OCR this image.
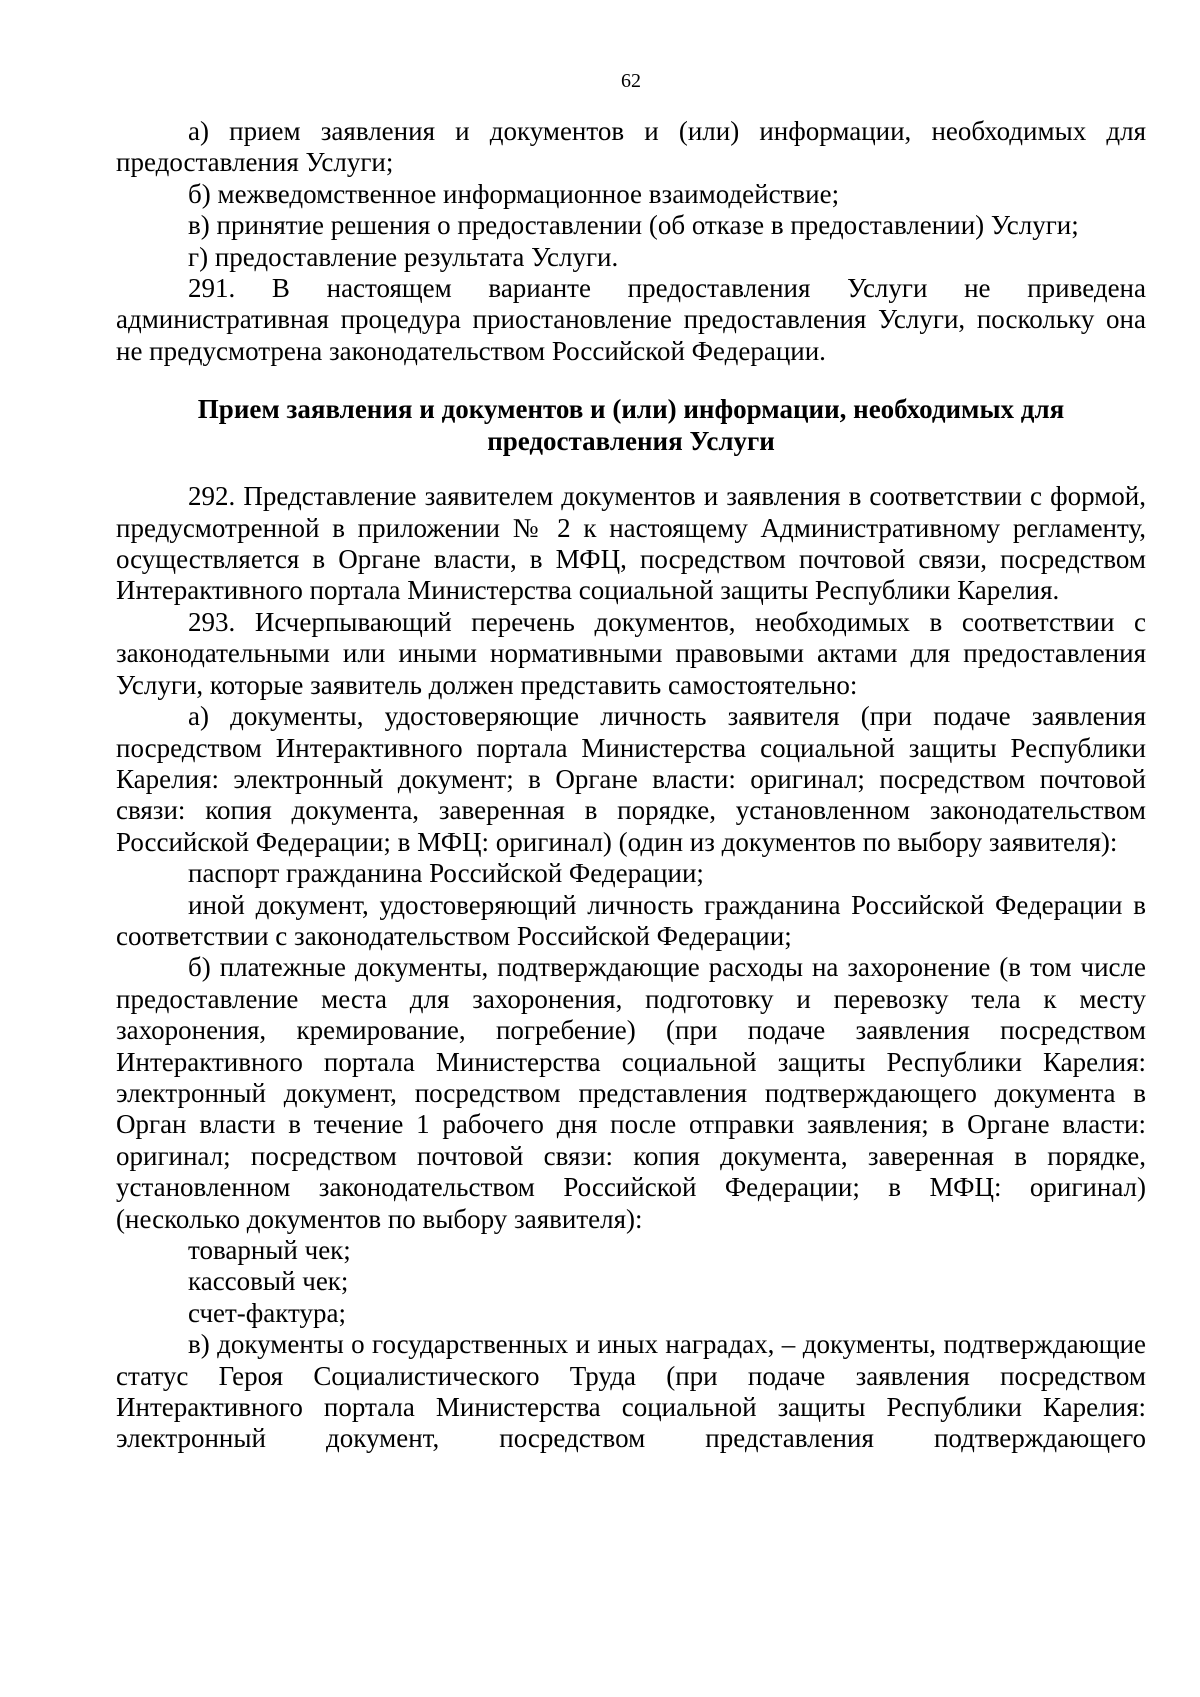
62

а) прием заявления и документов и (или) информации, необходимых для предоставления Услуги;

б) межведомственное информационное взаимодействие;

в) принятие решения о предоставлении (об отказе в предоставлении) Услуги;

г) предоставление результата Услуги.

291. В настоящем варианте предоставления Услуги не приведена административная процедура приостановление предоставления Услуги, поскольку она не предусмотрена законодательством Российской Федерации.

Прием заявления и документов и (или) информации, необходимых для
предоставления Услуги

292. Представление заявителем документов и заявления в соответствии с формой, предусмотренной в приложении № 2 к настоящему Административному регламенту, осуществляется в Органе власти, в МФЦ, посредством почтовой связи, посредством Интерактивного портала Министерства социальной защиты Республики Карелия.

293. Исчерпывающий перечень документов, необходимых в соответствии с законодательными или иными нормативными правовыми актами для предоставления Услуги, которые заявитель должен представить самостоятельно:

а) документы, удостоверяющие личность заявителя (при подаче заявления посредством Интерактивного портала Министерства социальной защиты Республики Карелия: электронный документ; в Органе власти: оригинал; посредством почтовой связи: копия документа, заверенная в порядке, установленном законодательством Российской Федерации; в МФЦ: оригинал) (один из документов по выбору заявителя):

паспорт гражданина Российской Федерации;

иной документ, удостоверяющий личность гражданина Российской Федерации в соответствии с законодательством Российской Федерации;

б) платежные документы, подтверждающие расходы на захоронение (в том числе предоставление места для захоронения, подготовку и перевозку тела к месту захоронения, кремирование, погребение) (при подаче заявления посредством Интерактивного портала Министерства социальной защиты Республики Карелия: электронный документ, посредством представления подтверждающего документа в Орган власти в течение 1 рабочего дня после отправки заявления; в Органе власти: оригинал; посредством почтовой связи: копия документа, заверенная в порядке, установленном законодательством Российской Федерации; в МФЦ: оригинал) (несколько документов по выбору заявителя):

товарный чек;

кассовый чек;

счет-фактура;

в) документы о государственных и иных наградах, – документы, подтверждающие статус Героя Социалистического Труда (при подаче заявления посредством Интерактивного портала Министерства социальной защиты Республики Карелия: электронный документ, посредством представления подтверждающего
